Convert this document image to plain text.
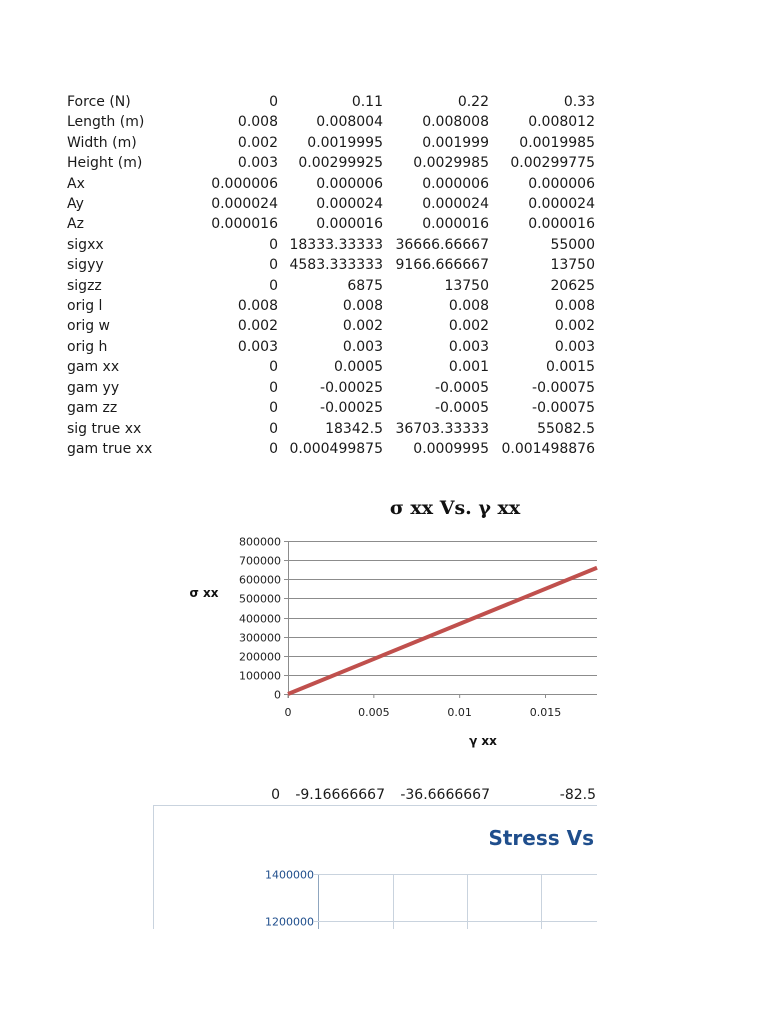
Force (N)	0	0.11	0.22	0.33
Length (m)	0.008	0.008004	0.008008	0.008012
Width (m)	0.002	0.0019995	0.001999	0.0019985
Height (m)	0.003	0.00299925	0.0029985	0.00299775
Ax	0.000006	0.000006	0.000006	0.000006
Ay	0.000024	0.000024	0.000024	0.000024
Az	0.000016	0.000016	0.000016	0.000016
sigxx	0	18333.33333	36666.66667	55000
sigyy	0	4583.333333	9166.666667	13750
sigzz	0	6875	13750	20625
orig l	0.008	0.008	0.008	0.008
orig w	0.002	0.002	0.002	0.002
orig h	0.003	0.003	0.003	0.003
gam xx	0	0.0005	0.001	0.0015
gam yy	0	-0.00025	-0.0005	-0.00075
gam zz	0	-0.00025	-0.0005	-0.00075
sig true xx	0	18342.5	36703.33333	55082.5
gam true xx	0	0.000499875	0.0009995	0.001498876
σ xx Vs. γ xx
σ xx
γ xx
0
100000
200000
300000
400000
500000
600000
700000
800000
0	0.005	0.01	0.015
0	-9.16666667	-36.6666667	-82.5
Stress Vs
1200000
1400000
